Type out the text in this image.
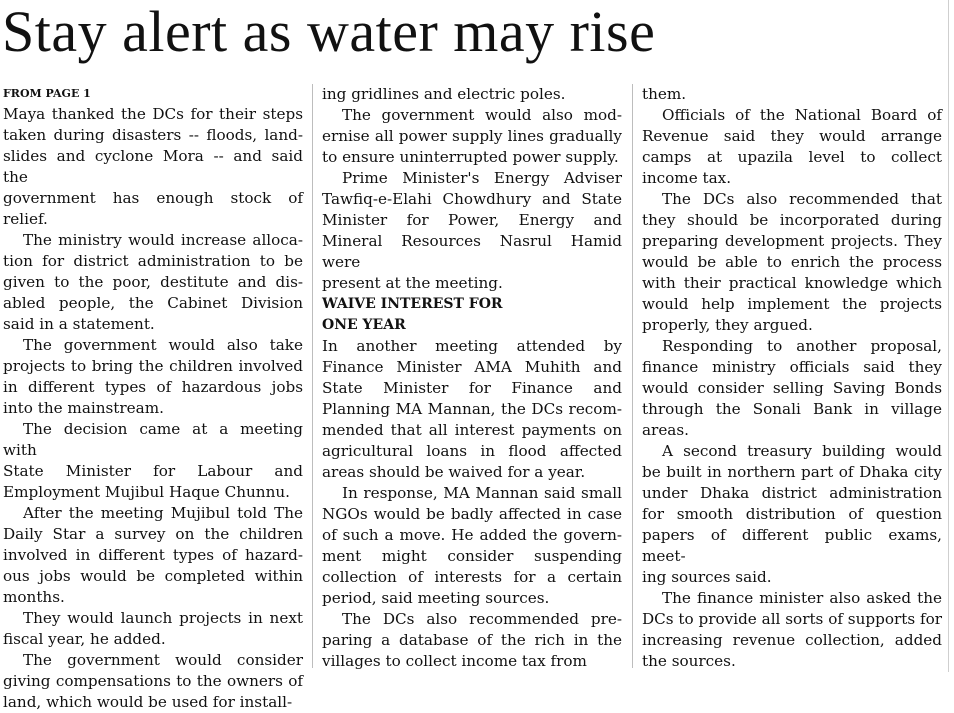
Stay alert as water may rise
FROM PAGE 1
Maya thanked the DCs for their steps
taken during disasters -- floods, land-
slides and cyclone Mora -- and said the
government has enough stock of relief.
The ministry would increase alloca-
tion for district administration to be
given to the poor, destitute and dis-
abled people, the Cabinet Division
said in a statement.
The government would also take
projects to bring the children involved
in different types of hazardous jobs
into the mainstream.
The decision came at a meeting with
State Minister for Labour and
Employment Mujibul Haque Chunnu.
After the meeting Mujibul told The
Daily Star a survey on the children
involved in different types of hazard-
ous jobs would be completed within
months.
They would launch projects in next
fiscal year, he added.
The government would consider
giving compensations to the owners of
land, which would be used for install-
ing gridlines and electric poles.
The government would also mod-
ernise all power supply lines gradually
to ensure uninterrupted power supply.
Prime Minister's Energy Adviser
Tawfiq-e-Elahi Chowdhury and State
Minister for Power, Energy and
Mineral Resources Nasrul Hamid were
present at the meeting.
WAIVE INTEREST FOR
ONE YEAR
In another meeting attended by
Finance Minister AMA Muhith and
State Minister for Finance and
Planning MA Mannan, the DCs recom-
mended that all interest payments on
agricultural loans in flood affected
areas should be waived for a year.
In response, MA Mannan said small
NGOs would be badly affected in case
of such a move. He added the govern-
ment might consider suspending
collection of interests for a certain
period, said meeting sources.
The DCs also recommended pre-
paring a database of the rich in the
villages to collect income tax from
them.
Officials of the National Board of
Revenue said they would arrange
camps at upazila level to collect
income tax.
The DCs also recommended that
they should be incorporated during
preparing development projects. They
would be able to enrich the process
with their practical knowledge which
would help implement the projects
properly, they argued.
Responding to another proposal,
finance ministry officials said they
would consider selling Saving Bonds
through the Sonali Bank in village
areas.
A second treasury building would
be built in northern part of Dhaka city
under Dhaka district administration
for smooth distribution of question
papers of different public exams, meet-
ing sources said.
The finance minister also asked the
DCs to provide all sorts of supports for
increasing revenue collection, added
the sources.
